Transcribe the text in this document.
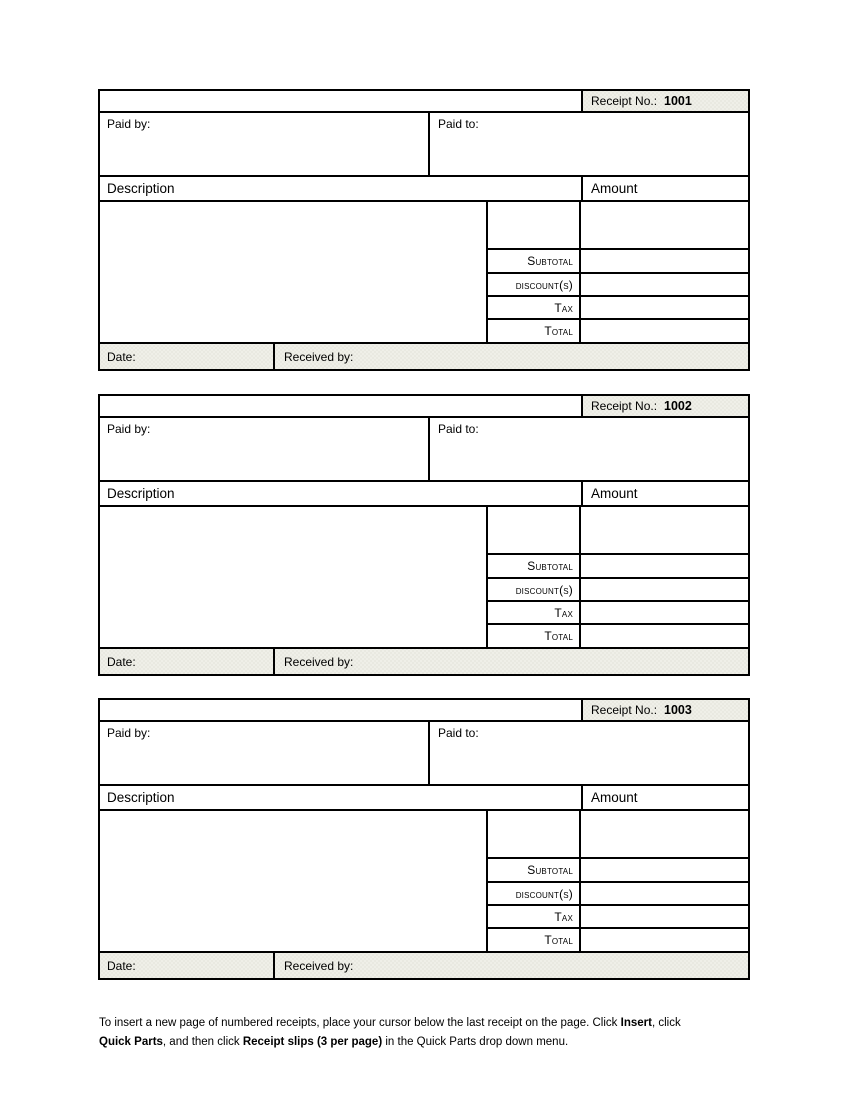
Receipt No.: 1001
Paid by:	Paid to:
Description	Amount
Subtotal
discount(s)
Tax
Total
Date:	Received by:
Receipt No.: 1002
Paid by:	Paid to:
Description	Amount
Subtotal
discount(s)
Tax
Total
Date:	Received by:
Receipt No.: 1003
Paid by:	Paid to:
Description	Amount
Subtotal
discount(s)
Tax
Total
Date:	Received by:
To insert a new page of numbered receipts, place your cursor below the last receipt on the page. Click Insert, click
Quick Parts, and then click Receipt slips (3 per page) in the Quick Parts drop down menu.
